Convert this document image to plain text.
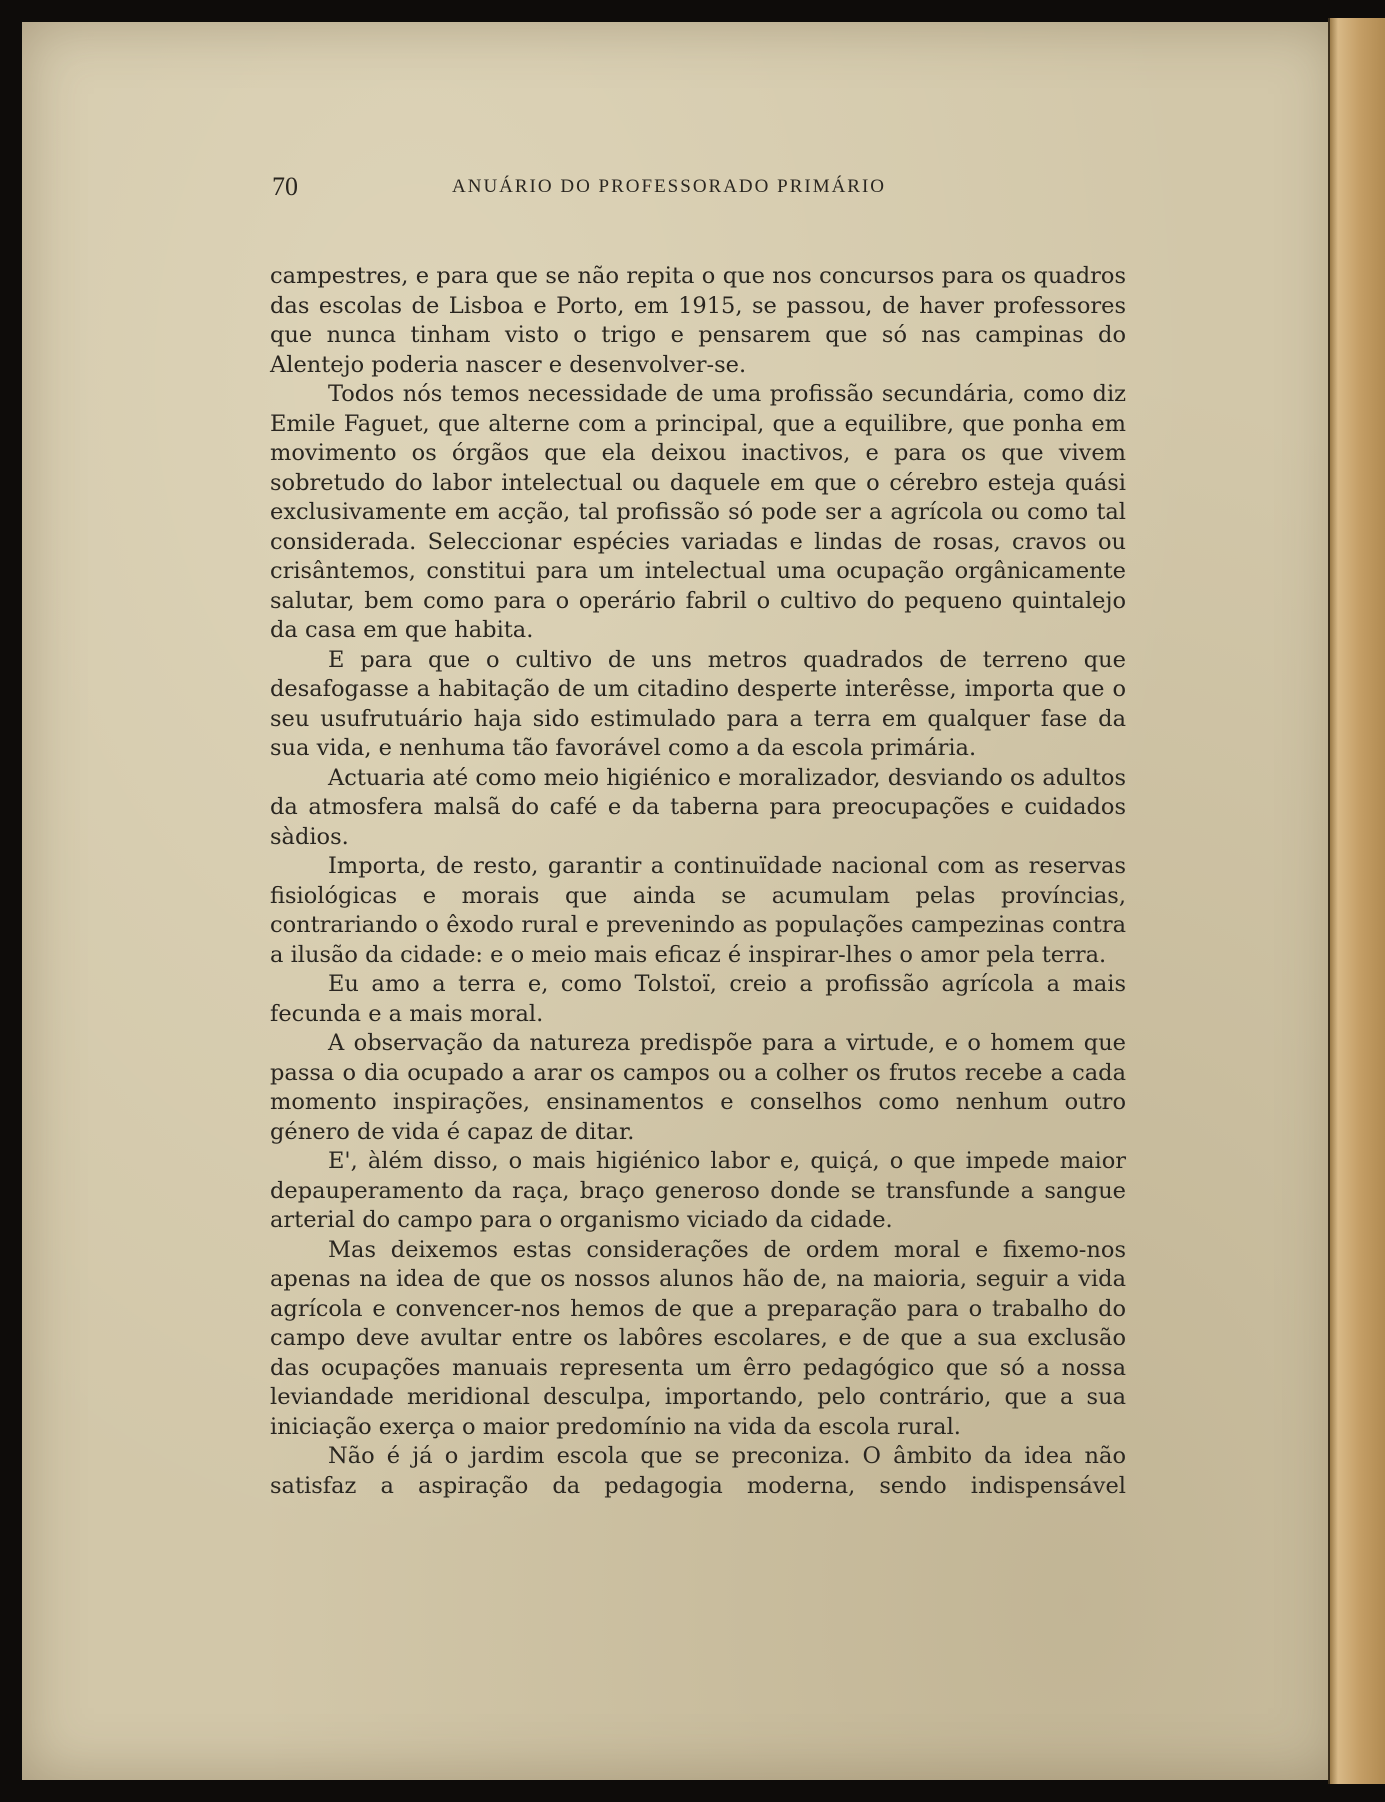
70	ANUÁRIO DO PROFESSORADO PRIMÁRIO

campestres, e para que se não repita o que nos concursos para os quadros das escolas de Lisboa e Porto, em 1915, se passou, de haver professores que nunca tinham visto o trigo e pensarem que só nas campinas do Alentejo poderia nascer e desenvolver-se.

Todos nós temos necessidade de uma profissão secundária, como diz Emile Faguet, que alterne com a principal, que a equilibre, que ponha em movimento os órgãos que ela deixou inactivos, e para os que vivem sobretudo do labor intelectual ou daquele em que o cérebro esteja quási exclusivamente em acção, tal profissão só pode ser a agrícola ou como tal considerada. Seleccionar espécies variadas e lindas de rosas, cravos ou crisântemos, constitui para um intelectual uma ocupação orgânicamente salutar, bem como para o operário fabril o cultivo do pequeno quintalejo da casa em que habita.

E para que o cultivo de uns metros quadrados de terreno que desafogasse a habitação de um citadino desperte interêsse, importa que o seu usufrutuário haja sido estimulado para a terra em qualquer fase da sua vida, e nenhuma tão favorável como a da escola primária.

Actuaria até como meio higiénico e moralizador, desviando os adultos da atmosfera malsã do café e da taberna para preocupações e cuidados sàdios.

Importa, de resto, garantir a continuïdade nacional com as reservas fisiológicas e morais que ainda se acumulam pelas províncias, contrariando o êxodo rural e prevenindo as populações campezinas contra a ilusão da cidade: e o meio mais eficaz é inspirar-lhes o amor pela terra.

Eu amo a terra e, como Tolstoï, creio a profissão agrícola a mais fecunda e a mais moral.

A observação da natureza predispõe para a virtude, e o homem que passa o dia ocupado a arar os campos ou a colher os frutos recebe a cada momento inspirações, ensinamentos e conselhos como nenhum outro género de vida é capaz de ditar.

E', àlém disso, o mais higiénico labor e, quiçá, o que impede maior depauperamento da raça, braço generoso donde se transfunde a sangue arterial do campo para o organismo viciado da cidade.

Mas deixemos estas considerações de ordem moral e fixemo-nos apenas na idea de que os nossos alunos hão de, na maioria, seguir a vida agrícola e convencer-nos hemos de que a preparação para o trabalho do campo deve avultar entre os labôres escolares, e de que a sua exclusão das ocupações manuais representa um êrro pedagógico que só a nossa leviandade meridional desculpa, importando, pelo contrário, que a sua iniciação exerça o maior predomínio na vida da escola rural.

Não é já o jardim escola que se preconiza. O âmbito da idea não satisfaz a aspiração da pedagogia moderna, sendo indispensável
